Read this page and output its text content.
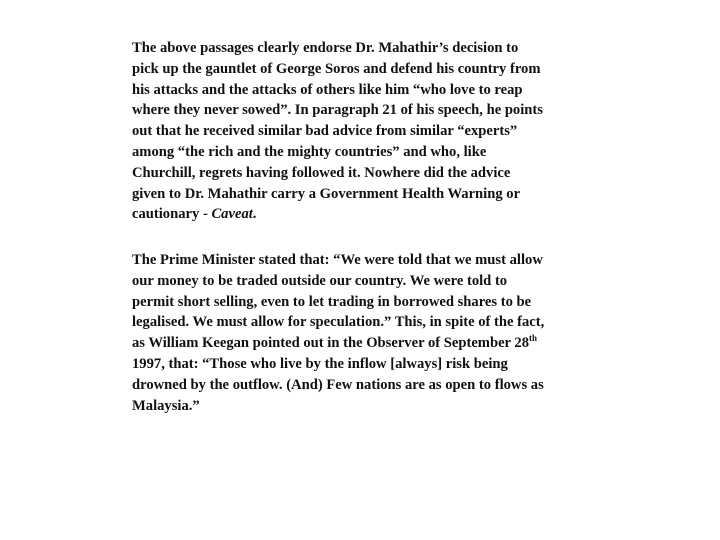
The above passages clearly endorse Dr. Mahathir’s decision to
pick up the gauntlet of George Soros and defend his country from
his attacks and the attacks of others like him “who love to reap
where they never sowed”. In paragraph 21 of his speech, he points
out that he received similar bad advice from similar “experts”
among “the rich and the mighty countries” and who, like
Churchill, regrets having followed it. Nowhere did the advice
given to Dr. Mahathir carry a Government Health Warning or
cautionary - Caveat.

The Prime Minister stated that: “We were told that we must allow
our money to be traded outside our country. We were told to
permit short selling, even to let trading in borrowed shares to be
legalised. We must allow for speculation.” This, in spite of the fact,
as William Keegan pointed out in the Observer of September 28th
1997, that: “Those who live by the inflow [always] risk being
drowned by the outflow. (And) Few nations are as open to flows as
Malaysia.”
